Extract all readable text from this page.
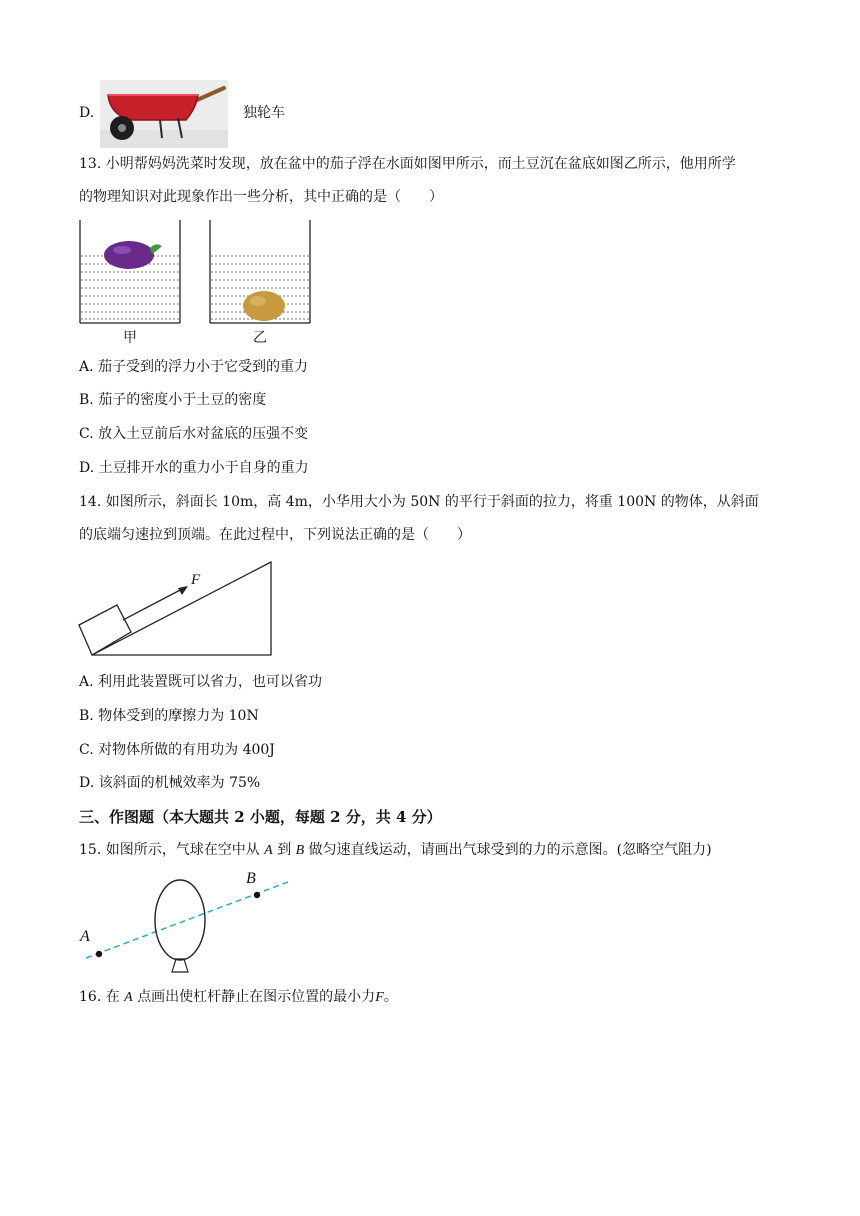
D.	独轮车
13. 小明帮妈妈洗菜时发现，放在盆中的茄子浮在水面如图甲所示，而土豆沉在盆底如图乙所示，他用所学
的物理知识对此现象作出一些分析，其中正确的是（　　）
甲	乙
A. 茄子受到的浮力小于它受到的重力
B. 茄子的密度小于土豆的密度
C. 放入土豆前后水对盆底的压强不变
D. 土豆排开水的重力小于自身的重力
14. 如图所示，斜面长 10m，高 4m，小华用大小为 50N 的平行于斜面的拉力，将重 100N 的物体，从斜面
的底端匀速拉到顶端。在此过程中，下列说法正确的是（　　）
F
A. 利用此装置既可以省力，也可以省功
B. 物体受到的摩擦力为 10N
C. 对物体所做的有用功为 400J
D. 该斜面的机械效率为 75%
三、作图题（本大题共 2 小题，每题 2 分，共 4 分）
15. 如图所示，气球在空中从 A 到 B 做匀速直线运动，请画出气球受到的力的示意图。(忽略空气阻力)
A
B
16. 在 A 点画出使杠杆静止在图示位置的最小力F。
